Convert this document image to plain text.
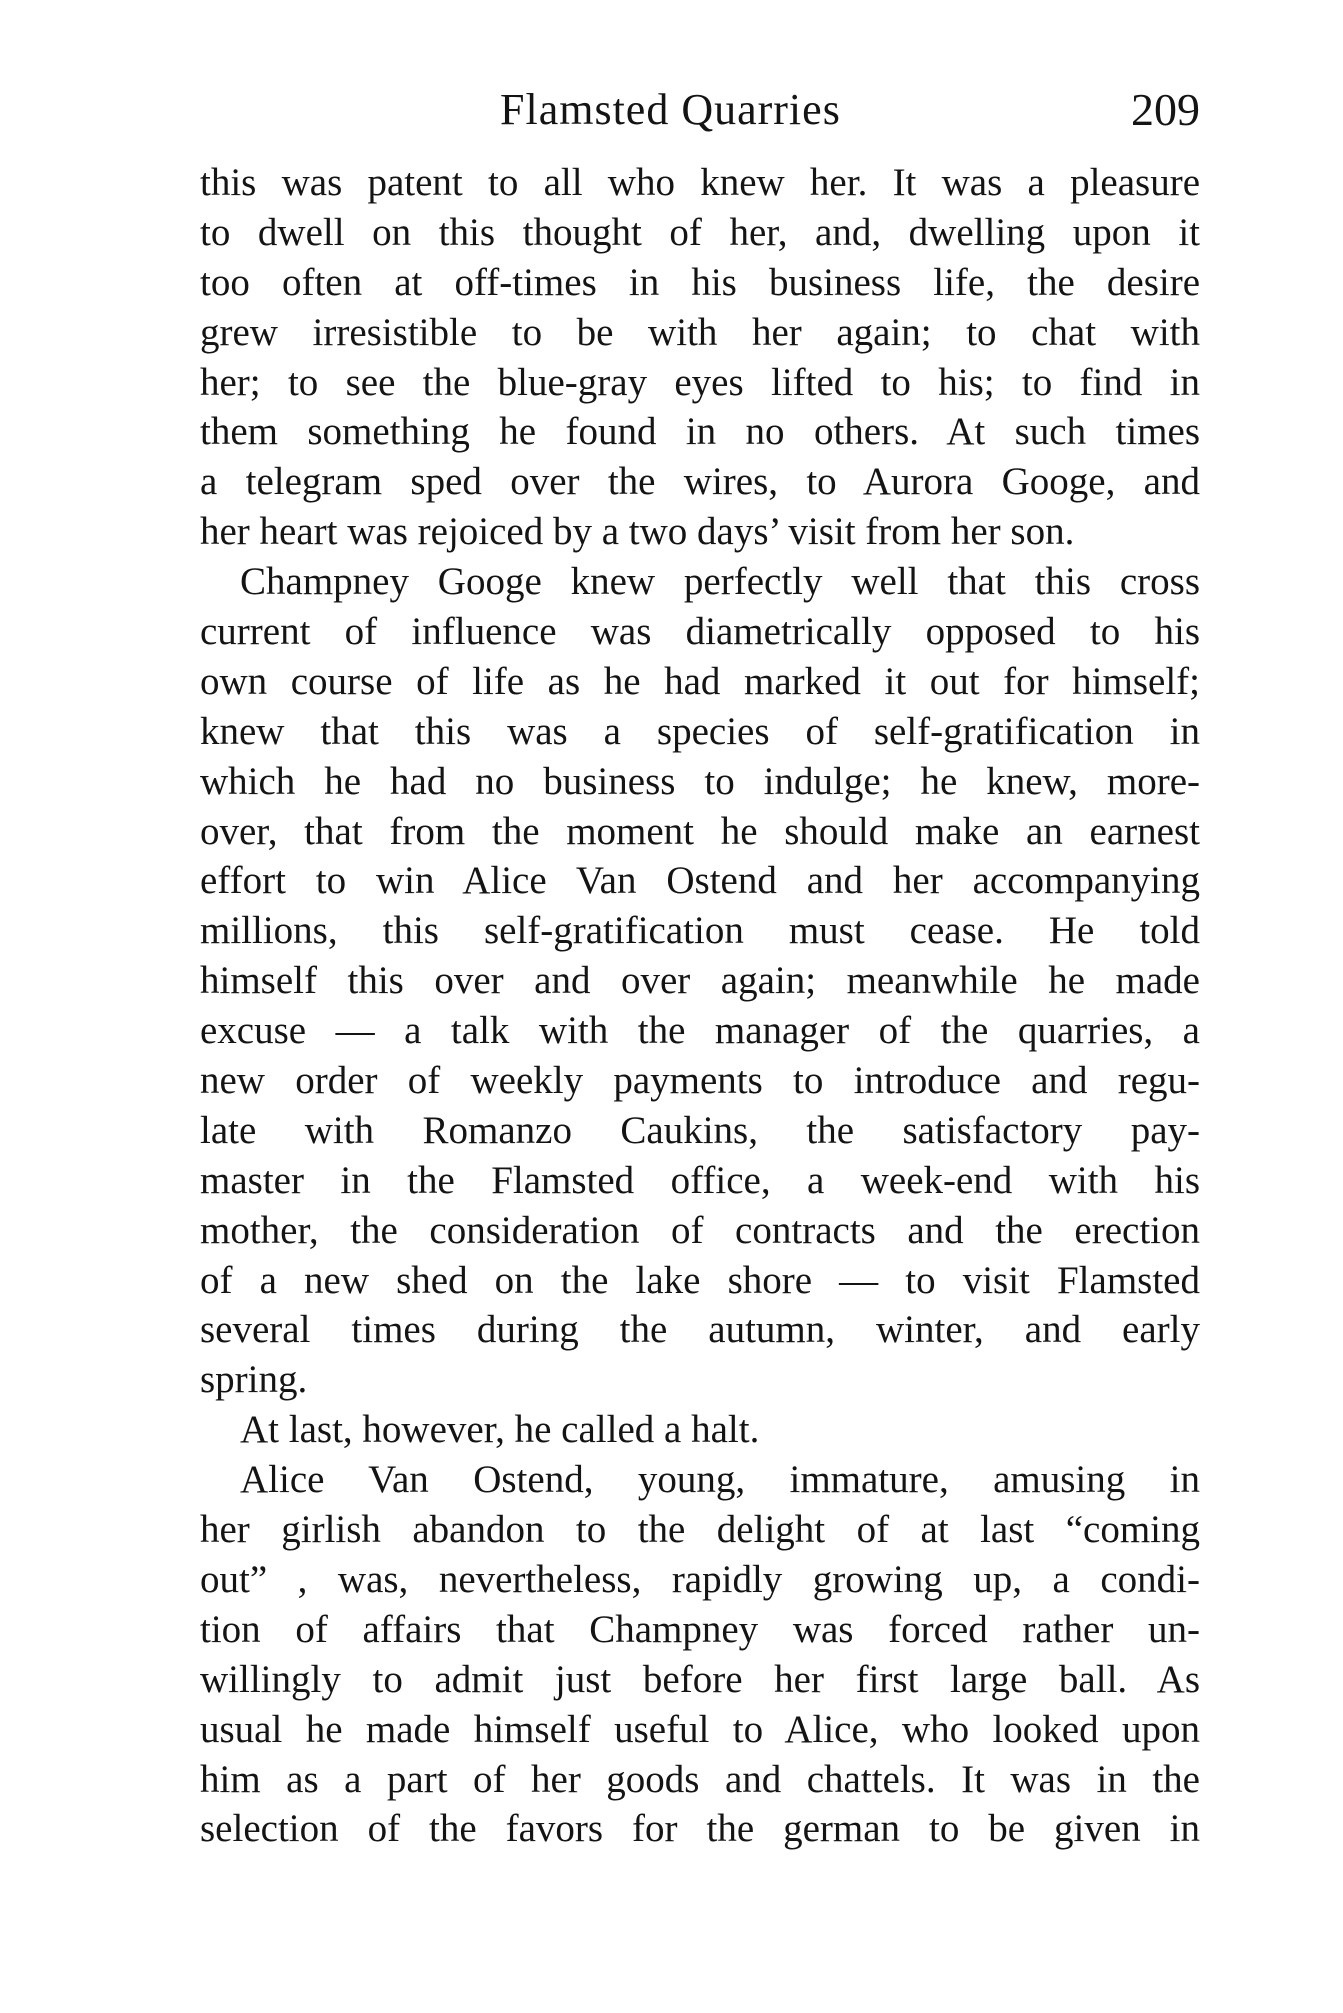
Flamsted Quarries	209
this was patent to all who knew her. It was a pleasure
to dwell on this thought of her, and, dwelling upon it
too often at off-times in his business life, the desire
grew irresistible to be with her again; to chat with
her; to see the blue-gray eyes lifted to his; to find in
them something he found in no others. At such times
a telegram sped over the wires, to Aurora Googe, and
her heart was rejoiced by a two days’ visit from her son.
Champney Googe knew perfectly well that this cross
current of influence was diametrically opposed to his
own course of life as he had marked it out for himself;
knew that this was a species of self-gratification in
which he had no business to indulge; he knew, more-
over, that from the moment he should make an earnest
effort to win Alice Van Ostend and her accompanying
millions, this self-gratification must cease. He told
himself this over and over again; meanwhile he made
excuse — a talk with the manager of the quarries, a
new order of weekly payments to introduce and regu-
late with Romanzo Caukins, the satisfactory pay-
master in the Flamsted office, a week-end with his
mother, the consideration of contracts and the erection
of a new shed on the lake shore — to visit Flamsted
several times during the autumn, winter, and early
spring.
At last, however, he called a halt.
Alice Van Ostend, young, immature, amusing in
her girlish abandon to the delight of at last “coming
out” , was, nevertheless, rapidly growing up, a condi-
tion of affairs that Champney was forced rather un-
willingly to admit just before her first large ball. As
usual he made himself useful to Alice, who looked upon
him as a part of her goods and chattels. It was in the
selection of the favors for the german to be given in
